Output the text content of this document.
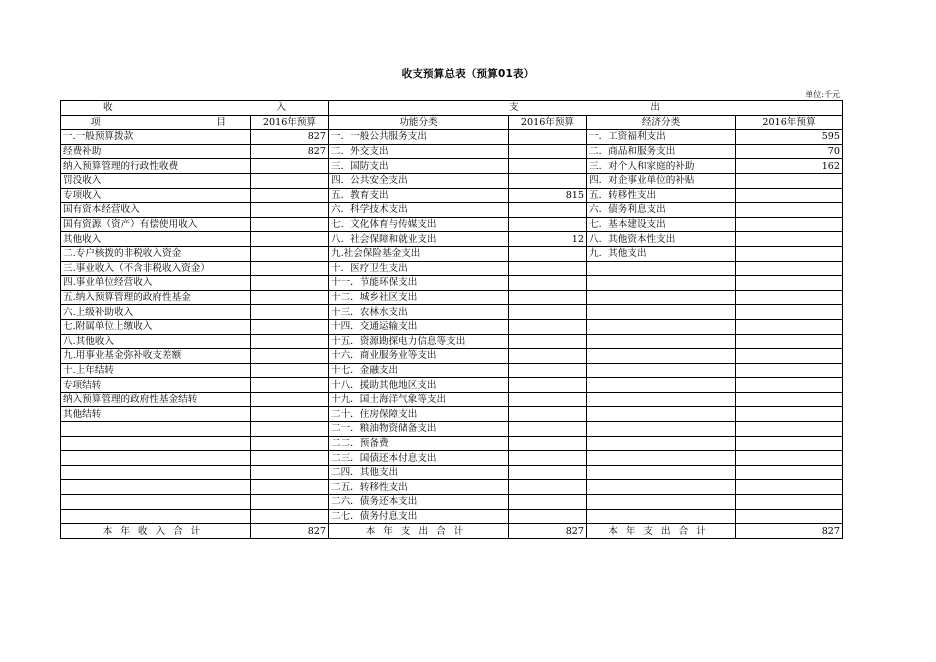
收支预算总表（预算01表）
单位:千元
收 入		支 出			

项 目	2016年预算	功能分类	2016年预算	经济分类	2016年预算
一.一般预算拨款	827	一．一般公共服务支出		一．工资福利支出	595
经费补助	827	二．外交支出		二．商品和服务支出	70
纳入预算管理的行政性收费		三．国防支出		三．对个人和家庭的补助	162
罚没收入		四．公共安全支出		四．对企事业单位的补贴	
专项收入		五．教育支出	815	五．转移性支出	
国有资本经营收入		六．科学技术支出		六．债务利息支出	
国有资源（资产）有偿使用收入		七．文化体育与传媒支出		七．基本建设支出	
其他收入		八．社会保障和就业支出	12	八．其他资本性支出	
二.专户核拨的非税收入资金		九.社会保险基金支出		九．其他支出	
三.事业收入（不含非税收入资金）		十．医疗卫生支出			
四.事业单位经营收入		十一．节能环保支出			
五.纳入预算管理的政府性基金		十二．城乡社区支出			
六.上级补助收入		十三．农林水支出			
七.附属单位上缴收入		十四．交通运输支出			
八.其他收入		十五．资源勘探电力信息等支出			
九.用事业基金弥补收支差额		十六．商业服务业等支出			
十.上年结转		十七．金融支出			
专项结转		十八．援助其他地区支出			
纳入预算管理的政府性基金结转		十九．国土海洋气象等支出			
其他结转		二十．住房保障支出			
		二一．粮油物资储备支出			
		二二．预备费			
		二三．国债还本付息支出			
		二四．其他支出			
		二五．转移性支出			
		二六．债务还本支出			
		二七．债务付息支出			
本年收入合计	827	本年支出合计	827	本年支出合计	827
